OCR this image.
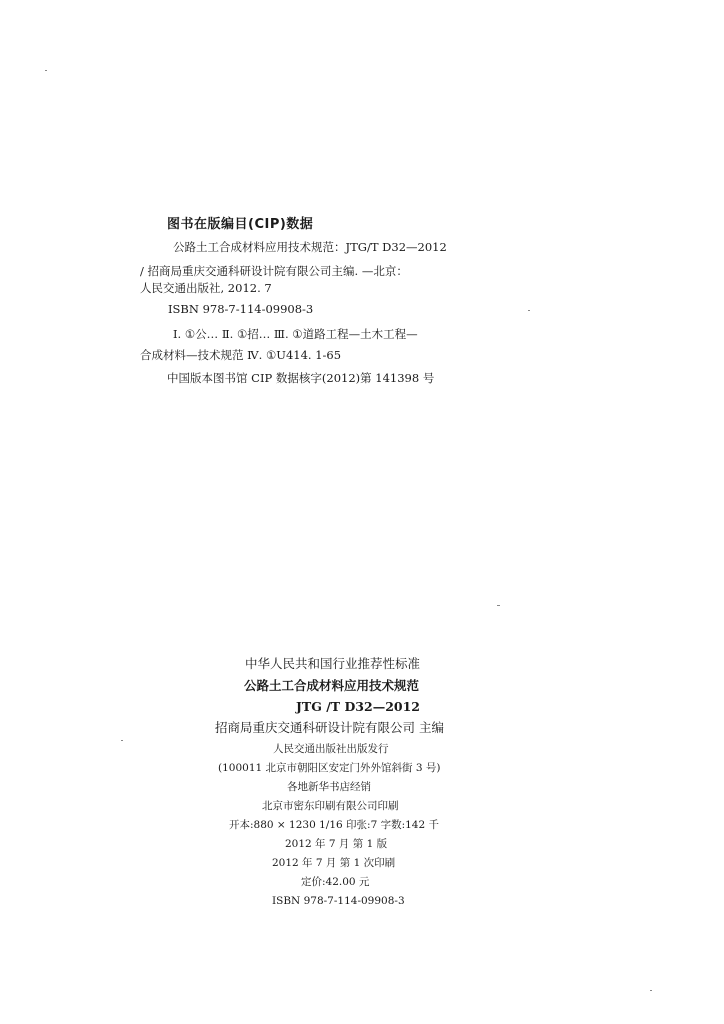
图书在版编目(CIP)数据
公路土工合成材料应用技术规范：JTG/T D32—2012
/ 招商局重庆交通科研设计院有限公司主编. —北京：
人民交通出版社, 2012. 7
ISBN 978-7-114-09908-3
Ⅰ. ①公… Ⅱ. ①招… Ⅲ. ①道路工程—土木工程—
合成材料—技术规范 Ⅳ. ①U414. 1-65
中国版本图书馆 CIP 数据核字(2012)第 141398 号
中华人民共和国行业推荐性标准
公路土工合成材料应用技术规范
JTG /T D32—2012
招商局重庆交通科研设计院有限公司 主编
人民交通出版社出版发行
(100011 北京市朝阳区安定门外外馆斜街 3 号)
各地新华书店经销
北京市密东印刷有限公司印刷
开本:880 × 1230 1/16 印张:7 字数:142 千
2012 年 7 月 第 1 版
2012 年 7 月 第 1 次印刷
定价:42.00 元
ISBN 978-7-114-09908-3
